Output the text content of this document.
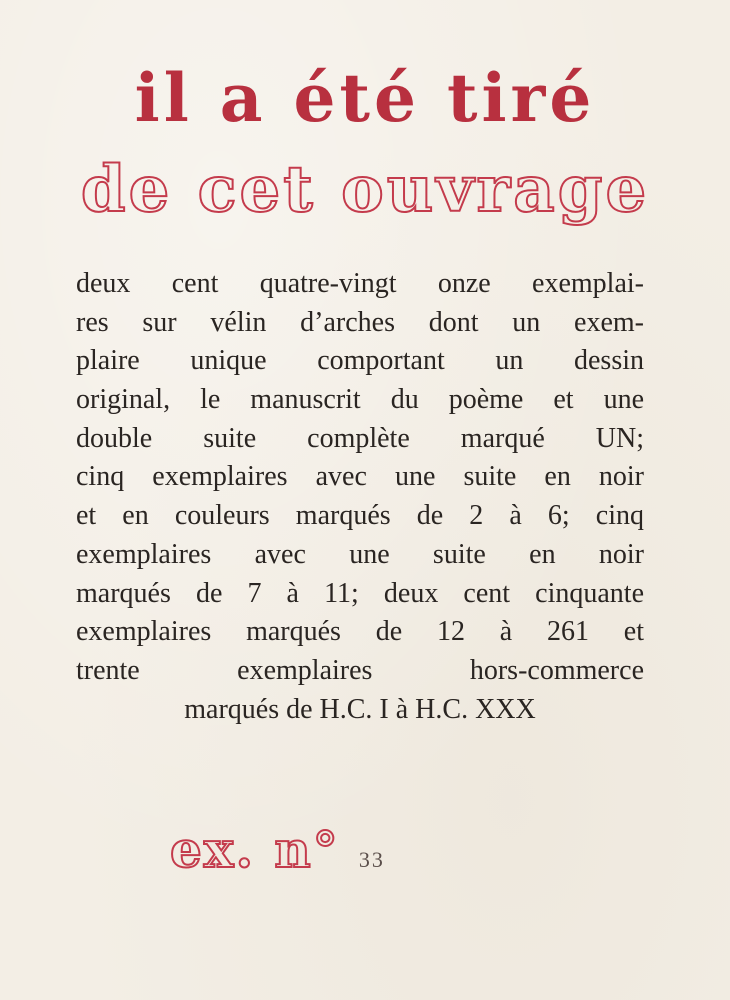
il a été tiré
de cet ouvrage

deux cent quatre-vingt onze exemplai-
res sur vélin d’arches dont un exem-
plaire unique comportant un dessin
original, le manuscrit du poème et une
double suite complète marqué UN;
cinq exemplaires avec une suite en noir
et en couleurs marqués de 2 à 6; cinq
exemplaires avec une suite en noir
marqués de 7 à 11; deux cent cinquante
exemplaires marqués de 12 à 261 et
trente exemplaires hors-commerce
marqués de H.C. I à H.C. XXX

ex. n° 33
